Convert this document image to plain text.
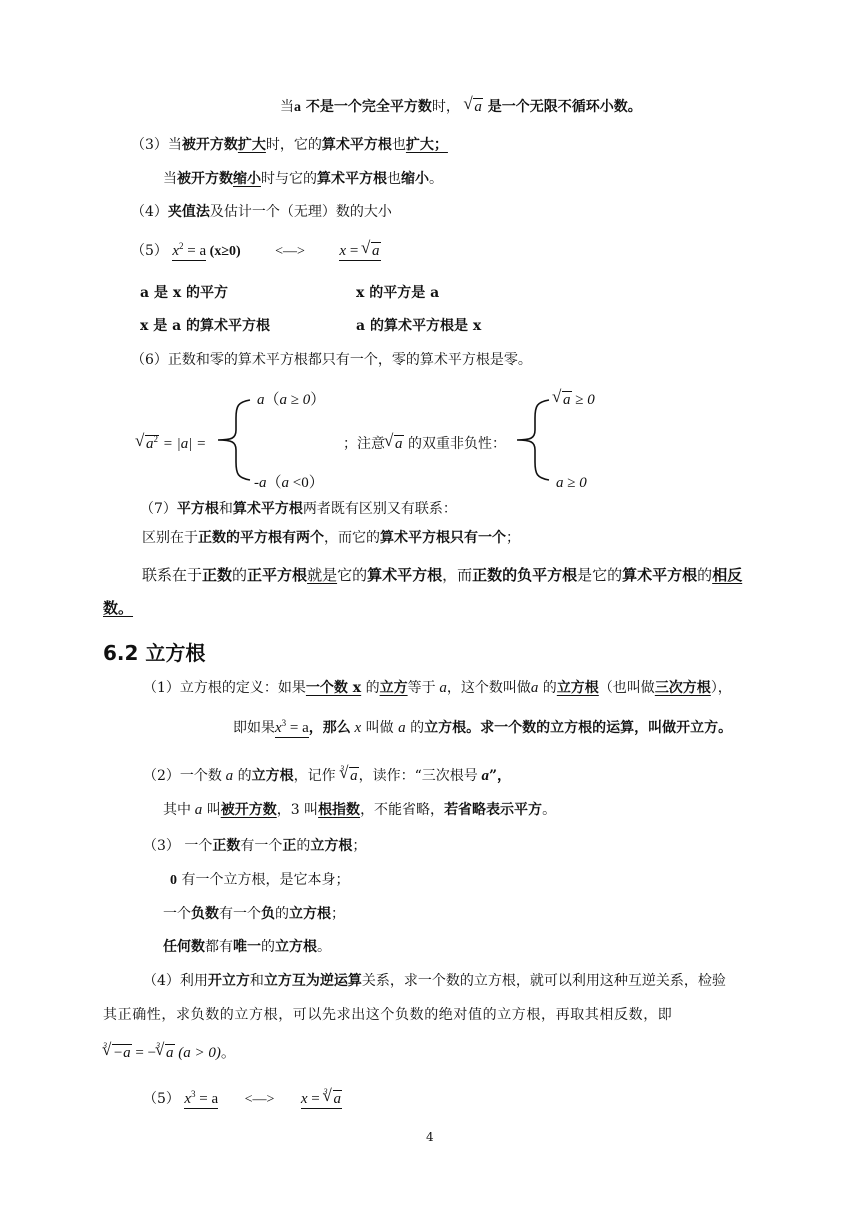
当a 不是一个完全平方数时， √ a 是一个无限不循环小数。
（3）当被开方数扩大时，它的算术平方根也扩大；
当被开方数缩小时与它的算术平方根也缩小。
（4）夹值法及估计一个（无理）数的大小
（5） $x^2 = a$ (x≥0) <—> x = √ a
a 是 x 的平方	x 的平方是 a
x 是 a 的算术平方根	a 的算术平方根是 x
（6）正数和零的算术平方根都只有一个，零的算术平方根是零。
a（a ≥ 0）
√ $a^2 = |a|$ =	；注意 √ a 的双重非负性：
√ a ≥ 0
-a（a <0）	a ≥ 0
（7）平方根和算术平方根两者既有区别又有联系：
区别在于正数的平方根有两个，而它的算术平方根只有一个；
联系在于正数的正平方根就是它的算术平方根，而正数的负平方根是它的算术平方根的相反
数。
6.2 立方根
（1）立方根的定义：如果一个数 x 的立方等于 a，这个数叫做a 的立方根（也叫做三次方根），
即如果$x^3 = a$，那么 x 叫做 a 的立方根。求一个数的立方根的运算，叫做开立方。
（2）一个数 a 的立方根，记作 √ 3 a，读作：“三次根号 a”，
其中 a 叫被开方数，3 叫根指数，不能省略，若省略表示平方。
（3） 一个正数有一个正的立方根；
0 有一个立方根，是它本身；
一个负数有一个负的立方根；
任何数都有唯一的立方根。
（4）利用开立方和立方互为逆运算关系，求一个数的立方根，就可以利用这种互逆关系，检验
其正确性，求负数的立方根，可以先求出这个负数的绝对值的立方根，再取其相反数，即
√ 3 −a = − √ 3 a (a > 0)。
（5） $x^3 = a$ <—> x = √ 3 a
4
